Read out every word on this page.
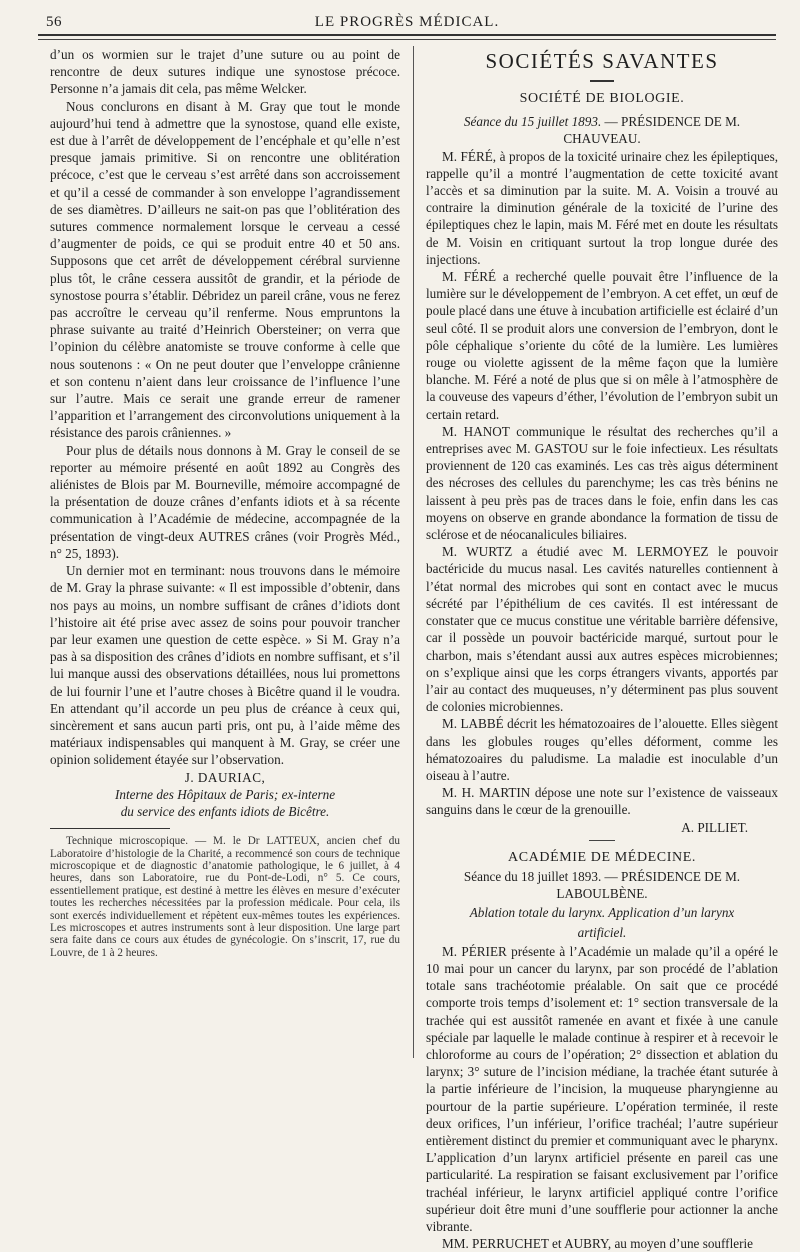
56	LE PROGRÈS MÉDICAL.

d’un os wormien sur le trajet d’une suture ou au point de rencontre de deux sutures indique une synostose précoce. Personne n’a jamais dit cela, pas même Welcker.

Nous conclurons en disant à M. Gray que tout le monde aujourd’hui tend à admettre que la synostose, quand elle existe, est due à l’arrêt de développement de l’encéphale et qu’elle n’est presque jamais primitive. Si on rencontre une oblitération précoce, c’est que le cerveau s’est arrêté dans son accroissement et qu’il a cessé de commander à son enveloppe l’agrandissement de ses diamètres. D’ailleurs ne sait-on pas que l’oblitération des sutures commence normalement lorsque le cerveau a cessé d’augmenter de poids, ce qui se produit entre 40 et 50 ans. Supposons que cet arrêt de développement cérébral survienne plus tôt, le crâne cessera aussitôt de grandir, et la période de synostose pourra s’établir. Débridez un pareil crâne, vous ne ferez pas accroître le cerveau qu’il renferme. Nous empruntons la phrase suivante au traité d’Heinrich Obersteiner; on verra que l’opinion du célèbre anatomiste se trouve conforme à celle que nous soutenons : « On ne peut douter que l’enveloppe crânienne et son contenu n’aient dans leur croissance de l’influence l’une sur l’autre. Mais ce serait une grande erreur de ramener l’apparition et l’arrangement des circonvolutions uniquement à la résistance des parois crâniennes. »

Pour plus de détails nous donnons à M. Gray le conseil de se reporter au mémoire présenté en août 1892 au Congrès des aliénistes de Blois par M. Bourneville, mémoire accompagné de la présentation de douze crânes d’enfants idiots et à sa récente communication à l’Académie de médecine, accompagnée de la présentation de vingt-deux AUTRES crânes (voir Progrès Méd., n° 25, 1893).

Un dernier mot en terminant: nous trouvons dans le mémoire de M. Gray la phrase suivante: « Il est impossible d’obtenir, dans nos pays au moins, un nombre suffisant de crânes d’idiots dont l’histoire ait été prise avec assez de soins pour pouvoir trancher par leur examen une question de cette espèce. » Si M. Gray n’a pas à sa disposition des crânes d’idiots en nombre suffisant, et s’il lui manque aussi des observations détaillées, nous lui promettons de lui fournir l’une et l’autre choses à Bicêtre quand il le voudra. En attendant qu’il accorde un peu plus de créance à ceux qui, sincèrement et sans aucun parti pris, ont pu, à l’aide même des matériaux indispensables qui manquent à M. Gray, se créer une opinion solidement étayée sur l’observation.

J. DAURIAC,

Interne des Hôpitaux de Paris; ex-interne

du service des enfants idiots de Bicêtre.

Technique microscopique. — M. le Dr LATTEUX, ancien chef du Laboratoire d’histologie de la Charité, a recommencé son cours de technique microscopique et de diagnostic d’anatomie pathologique, le 6 juillet, à 4 heures, dans son Laboratoire, rue du Pont-de-Lodi, n° 5. Ce cours, essentiellement pratique, est destiné à mettre les élèves en mesure d’exécuter toutes les recherches nécessitées par la profession médicale. Pour cela, ils sont exercés individuellement et répètent eux-mêmes toutes les expériences. Les microscopes et autres instruments sont à leur disposition. Une large part sera faite dans ce cours aux études de gynécologie. On s’inscrit, 17, rue du Louvre, de 1 à 2 heures.

SOCIÉTÉS SAVANTES

SOCIÉTÉ DE BIOLOGIE.

Séance du 15 juillet 1893. — PRÉSIDENCE DE M. CHAUVEAU.

M. FÉRÉ, à propos de la toxicité urinaire chez les épileptiques, rappelle qu’il a montré l’augmentation de cette toxicité avant l’accès et sa diminution par la suite. M. A. Voisin a trouvé au contraire la diminution générale de la toxicité de l’urine des épileptiques chez le lapin, mais M. Féré met en doute les résultats de M. Voisin en critiquant surtout la trop longue durée des injections.

M. FÉRÉ a recherché quelle pouvait être l’influence de la lumière sur le développement de l’embryon. A cet effet, un œuf de poule placé dans une étuve à incubation artificielle est éclairé d’un seul côté. Il se produit alors une conversion de l’embryon, dont le pôle céphalique s’oriente du côté de la lumière. Les lumières rouge ou violette agissent de la même façon que la lumière blanche. M. Féré a noté de plus que si on mêle à l’atmosphère de la couveuse des vapeurs d’éther, l’évolution de l’embryon subit un certain retard.

M. HANOT communique le résultat des recherches qu’il a entreprises avec M. GASTOU sur le foie infectieux. Les résultats proviennent de 120 cas examinés. Les cas très aigus déterminent des nécroses des cellules du parenchyme; les cas très bénins ne laissent à peu près pas de traces dans le foie, enfin dans les cas moyens on observe en grande abondance la formation de tissu de sclérose et de néocanalicules biliaires.

M. WURTZ a étudié avec M. LERMOYEZ le pouvoir bactéricide du mucus nasal. Les cavités naturelles contiennent à l’état normal des microbes qui sont en contact avec le mucus sécrété par l’épithélium de ces cavités. Il est intéressant de constater que ce mucus constitue une véritable barrière défensive, car il possède un pouvoir bactéricide marqué, surtout pour le charbon, mais s’étendant aussi aux autres espèces microbiennes; on s’explique ainsi que les corps étrangers vivants, apportés par l’air au contact des muqueuses, n’y déterminent pas plus souvent de colonies microbiennes.

M. LABBÉ décrit les hématozoaires de l’alouette. Elles siègent dans les globules rouges qu’elles déforment, comme les hématozoaires du paludisme. La maladie est inoculable d’un oiseau à l’autre.

M. H. MARTIN dépose une note sur l’existence de vaisseaux sanguins dans le cœur de la grenouille.

A. PILLIET.

ACADÉMIE DE MÉDECINE.

Séance du 18 juillet 1893. — PRÉSIDENCE DE M. LABOULBÈNE.

Ablation totale du larynx. Application d’un larynx

artificiel.

M. PÉRIER présente à l’Académie un malade qu’il a opéré le 10 mai pour un cancer du larynx, par son procédé de l’ablation totale sans trachéotomie préalable. On sait que ce procédé comporte trois temps d’isolement et: 1° section transversale de la trachée qui est aussitôt ramenée en avant et fixée à une canule spéciale par laquelle le malade continue à respirer et à recevoir le chloroforme au cours de l’opération; 2° dissection et ablation du larynx; 3° suture de l’incision médiane, la trachée étant suturée à la partie inférieure de l’incision, la muqueuse pharyngienne au pourtour de la partie supérieure. L’opération terminée, il reste deux orifices, l’un inférieur, l’orifice trachéal; l’autre supérieur entièrement distinct du premier et communiquant avec le pharynx. L’application d’un larynx artificiel présente en pareil cas une particularité. La respiration se faisant exclusivement par l’orifice trachéal inférieur, le larynx artificiel appliqué contre l’orifice supérieur doit être muni d’une soufflerie pour actionner la anche vibrante.

MM. PERRUCHET et AUBRY, au moyen d’une soufflerie
